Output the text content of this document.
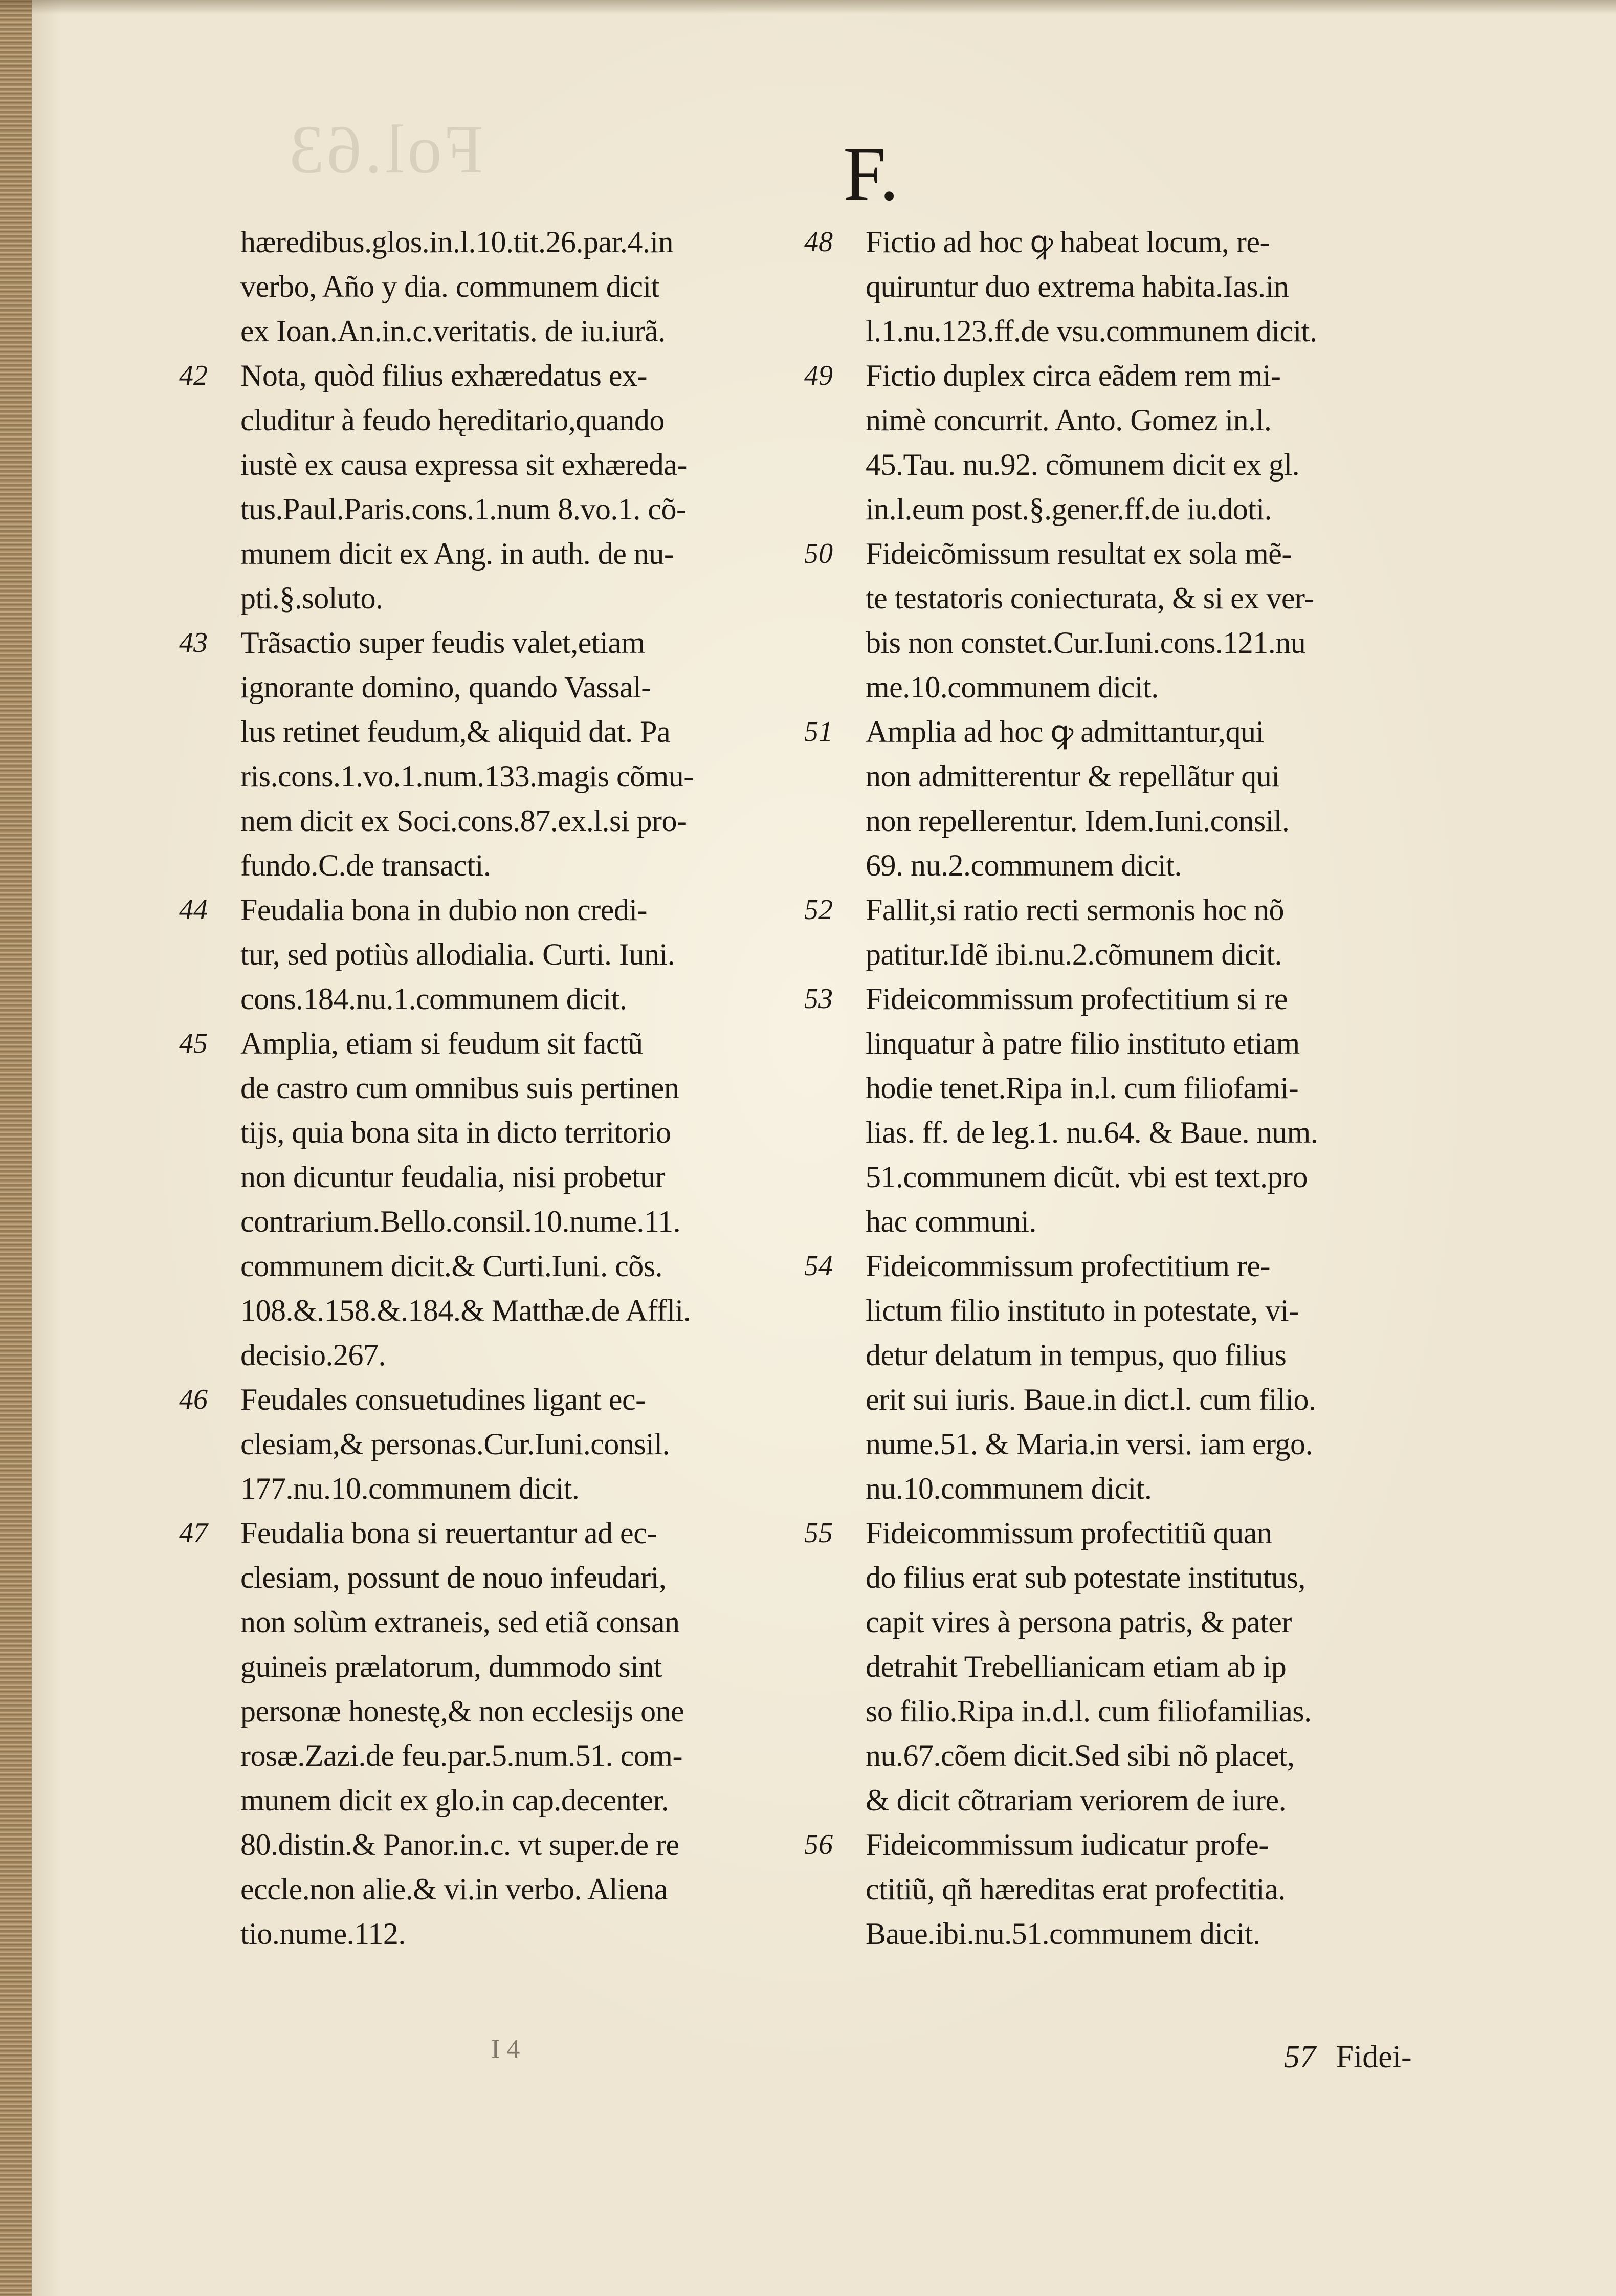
Fol.63	F.
hæredibus.glos.in.l.10.tit.26.par.4.in
verbo, Año y dia. communem dicit
ex Ioan.An.in.c.veritatis. de iu.iurã.
42	Nota, quòd filius exhæredatus ex-
cluditur à feudo hęreditario,quando
iustè ex causa expressa sit exhæreda-
tus.Paul.Paris.cons.1.num 8.vo.1. cõ-
munem dicit ex Ang. in auth. de nu-
pti.§.soluto.
43	Trãsactio super feudis valet,etiam
ignorante domino, quando Vassal-
lus retinet feudum,& aliquid dat. Pa
ris.cons.1.vo.1.num.133.magis cõmu-
nem dicit ex Soci.cons.87.ex.l.si pro-
fundo.C.de transacti.
44	Feudalia bona in dubio non credi-
tur, sed potiùs allodialia. Curti. Iuni.
cons.184.nu.1.communem dicit.
45	Amplia, etiam si feudum sit factũ
de castro cum omnibus suis pertinen
tijs, quia bona sita in dicto territorio
non dicuntur feudalia, nisi probetur
contrarium.Bello.consil.10.nume.11.
communem dicit.& Curti.Iuni. cõs.
108.&.158.&.184.& Matthæ.de Affli.
decisio.267.
46	Feudales consuetudines ligant ec-
clesiam,& personas.Cur.Iuni.consil.
177.nu.10.communem dicit.
47	Feudalia bona si reuertantur ad ec-
clesiam, possunt de nouo infeudari,
non solùm extraneis, sed etiã consan
guineis prælatorum, dummodo sint
personæ honestę,& non ecclesijs one
rosæ.Zazi.de feu.par.5.num.51. com-
munem dicit ex glo.in cap.decenter.
80.distin.& Panor.in.c. vt super.de re
eccle.non alie.& vi.in verbo. Aliena
tio.nume.112.
48	Fictio ad hoc ꝙ habeat locum, re-
quiruntur duo extrema habita.Ias.in
l.1.nu.123.ff.de vsu.communem dicit.
49	Fictio duplex circa eãdem rem mi-
nimè concurrit. Anto. Gomez in.l.
45.Tau. nu.92. cõmunem dicit ex gl.
in.l.eum post.§.gener.ff.de iu.doti.
50	Fideicõmissum resultat ex sola mẽ-
te testatoris coniecturata, & si ex ver-
bis non constet.Cur.Iuni.cons.121.nu
me.10.communem dicit.
51	Amplia ad hoc ꝙ admittantur,qui
non admitterentur & repellãtur qui
non repellerentur. Idem.Iuni.consil.
69. nu.2.communem dicit.
52	Fallit,si ratio recti sermonis hoc nõ
patitur.Idẽ ibi.nu.2.cõmunem dicit.
53	Fideicommissum profectitium si re
linquatur à patre filio instituto etiam
hodie tenet.Ripa in.l. cum filiofami-
lias. ff. de leg.1. nu.64. & Baue. num.
51.communem dicũt. vbi est text.pro
hac communi.
54	Fideicommissum profectitium re-
lictum filio instituto in potestate, vi-
detur delatum in tempus, quo filius
erit sui iuris. Baue.in dict.l. cum filio.
nume.51. & Maria.in versi. iam ergo.
nu.10.communem dicit.
55	Fideicommissum profectitiũ quan
do filius erat sub potestate institutus,
capit vires à persona patris, & pater
detrahit Trebellianicam etiam ab ip
so filio.Ripa in.d.l. cum filiofamilias.
nu.67.cõem dicit.Sed sibi nõ placet,
& dicit cõtrariam veriorem de iure.
56	Fideicommissum iudicatur profe-
ctitiũ, qñ hæreditas erat profectitia.
Baue.ibi.nu.51.communem dicit.
I 4	57 Fidei-
